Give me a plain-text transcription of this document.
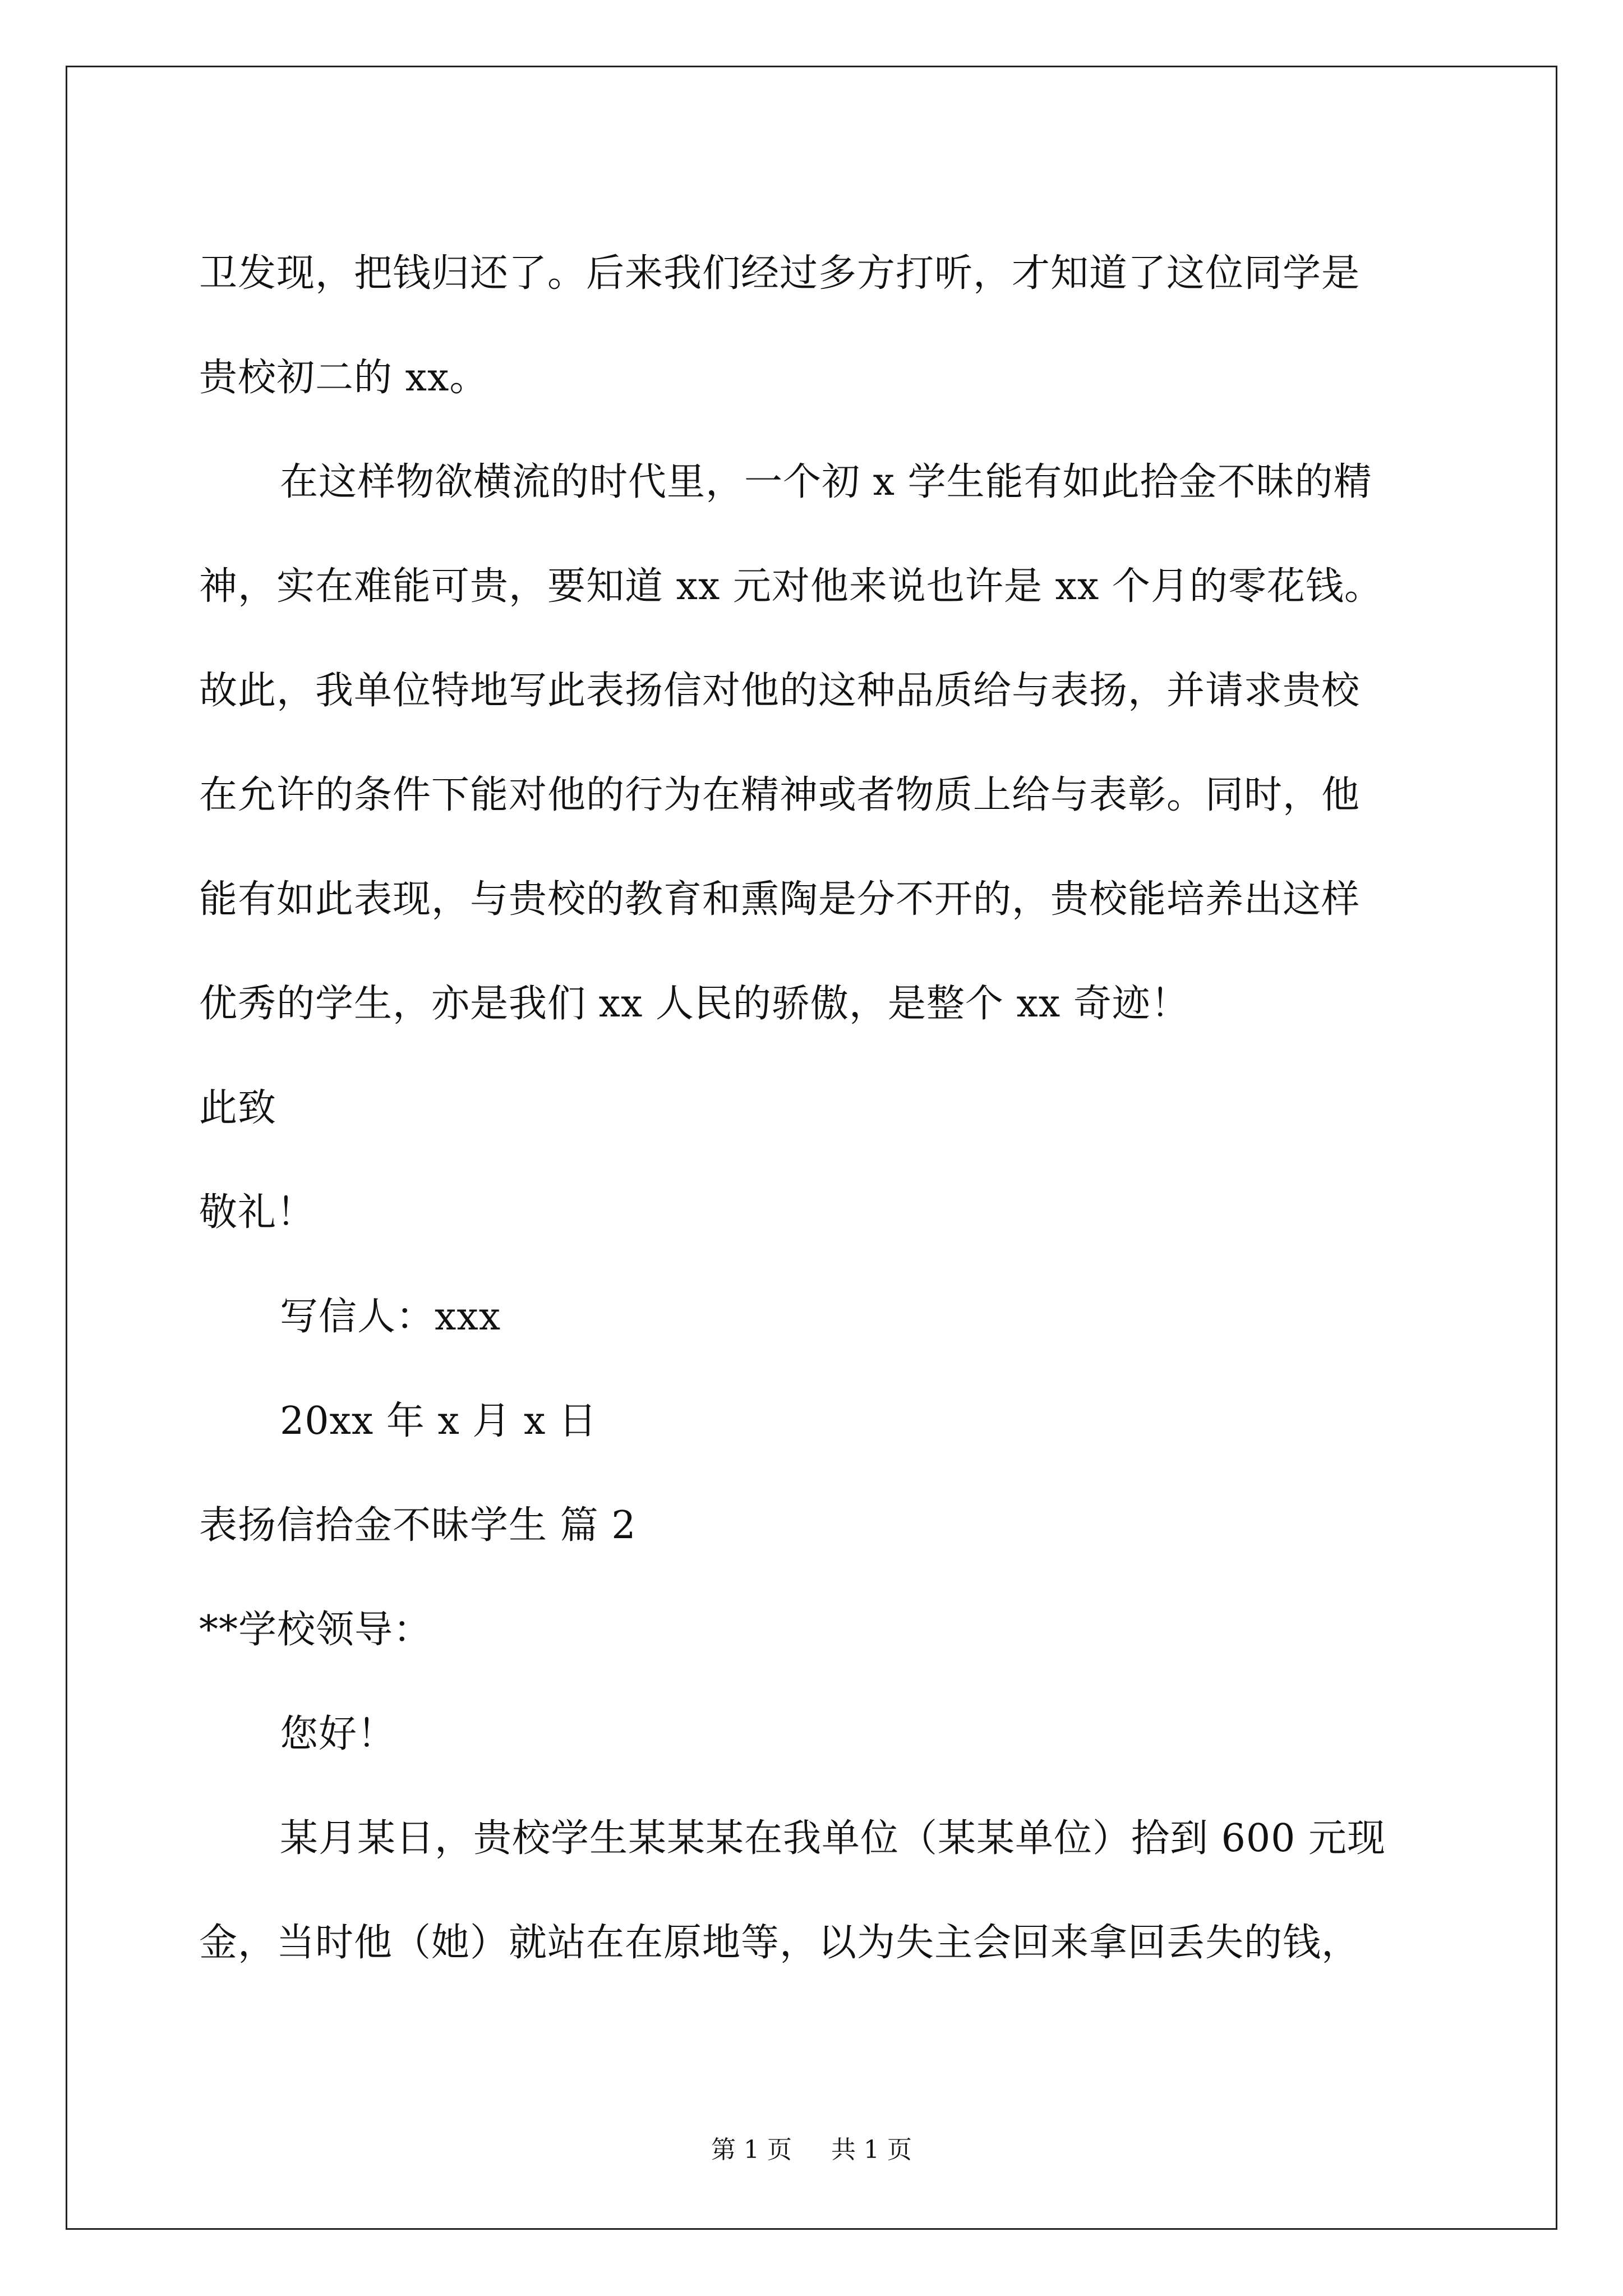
卫发现，把钱归还了。后来我们经过多方打听，才知道了这位同学是
贵校初二的 xx。
在这样物欲横流的时代里，一个初 x 学生能有如此拾金不昧的精
神，实在难能可贵，要知道 xx 元对他来说也许是 xx 个月的零花钱。
故此，我单位特地写此表扬信对他的这种品质给与表扬，并请求贵校
在允许的条件下能对他的行为在精神或者物质上给与表彰。同时，他
能有如此表现，与贵校的教育和熏陶是分不开的，贵校能培养出这样
优秀的学生，亦是我们 xx 人民的骄傲，是整个 xx 奇迹！
此致
敬礼！
写信人：xxx
20xx 年 x 月 x 日
表扬信拾金不昧学生 篇 2
**学校领导：
您好！
某月某日，贵校学生某某某在我单位（某某单位）拾到 600 元现
金，当时他（她）就站在在原地等，以为失主会回来拿回丢失的钱，
第 1 页 共 1 页
